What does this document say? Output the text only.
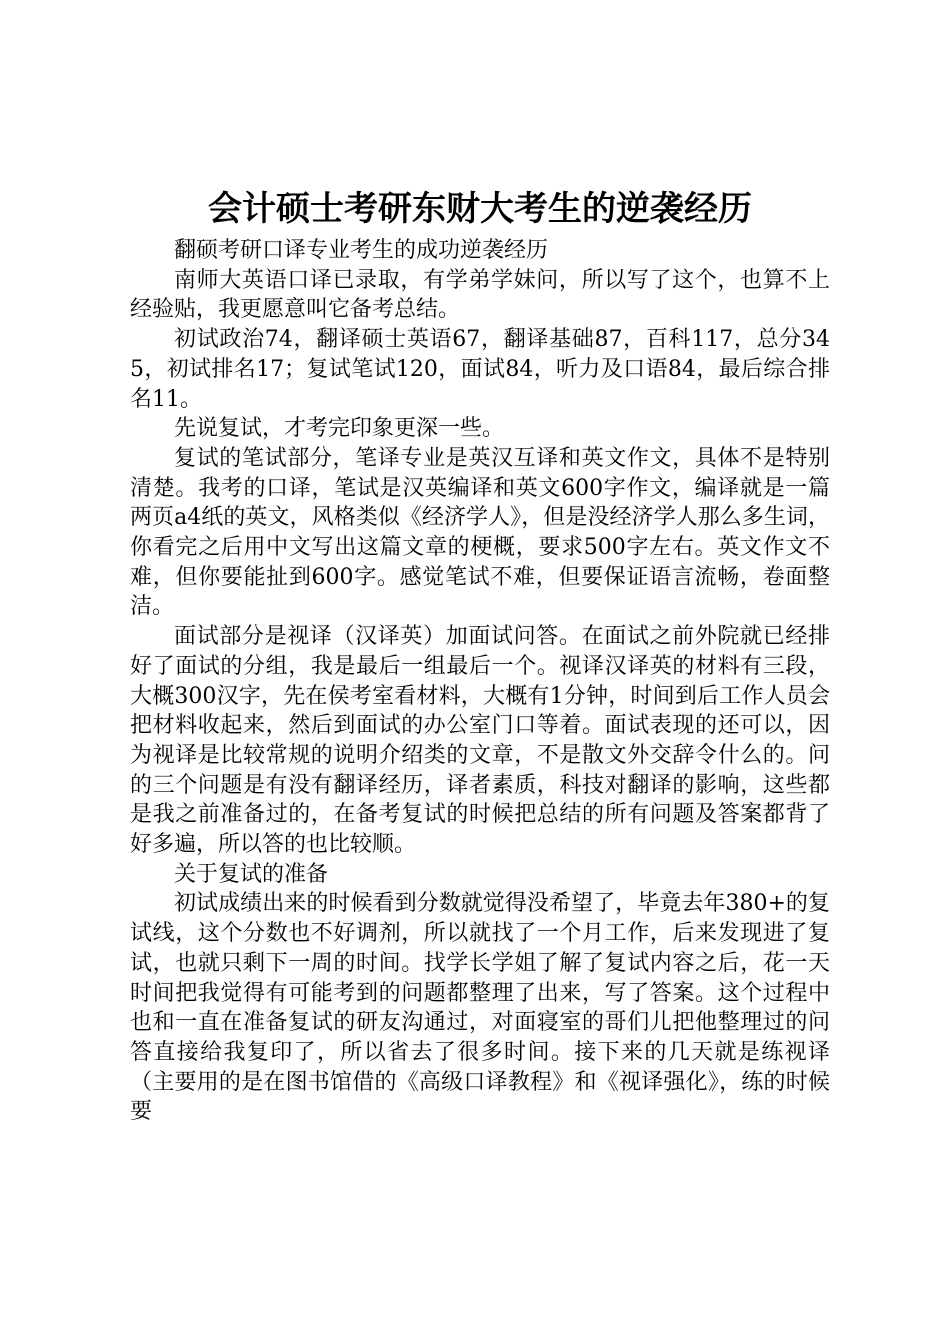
会计硕士考研东财大考生的逆袭经历

翻硕考研口译专业考生的成功逆袭经历

南师大英语口译已录取，有学弟学妹问，所以写了这个，也算不上经验贴，我更愿意叫它备考总结。

初试政治74，翻译硕士英语67，翻译基础87，百科117，总分345，初试排名17；复试笔试120，面试84，听力及口语84，最后综合排名11。

先说复试，才考完印象更深一些。

复试的笔试部分，笔译专业是英汉互译和英文作文，具体不是特别清楚。我考的口译，笔试是汉英编译和英文600字作文，编译就是一篇两页a4纸的英文，风格类似《经济学人》，但是没经济学人那么多生词，你看完之后用中文写出这篇文章的梗概，要求500字左右。英文作文不难，但你要能扯到600字。感觉笔试不难，但要保证语言流畅，卷面整洁。

面试部分是视译（汉译英）加面试问答。在面试之前外院就已经排好了面试的分组，我是最后一组最后一个。视译汉译英的材料有三段，大概300汉字，先在侯考室看材料，大概有1分钟，时间到后工作人员会把材料收起来，然后到面试的办公室门口等着。面试表现的还可以，因为视译是比较常规的说明介绍类的文章，不是散文外交辞令什么的。问的三个问题是有没有翻译经历，译者素质，科技对翻译的影响，这些都是我之前准备过的，在备考复试的时候把总结的所有问题及答案都背了好多遍，所以答的也比较顺。

关于复试的准备

初试成绩出来的时候看到分数就觉得没希望了，毕竟去年380+的复试线，这个分数也不好调剂，所以就找了一个月工作，后来发现进了复试，也就只剩下一周的时间。找学长学姐了解了复试内容之后，花一天时间把我觉得有可能考到的问题都整理了出来，写了答案。这个过程中也和一直在准备复试的研友沟通过，对面寝室的哥们儿把他整理过的问答直接给我复印了，所以省去了很多时间。接下来的几天就是练视译（主要用的是在图书馆借的《高级口译教程》和《视译强化》，练的时候要
